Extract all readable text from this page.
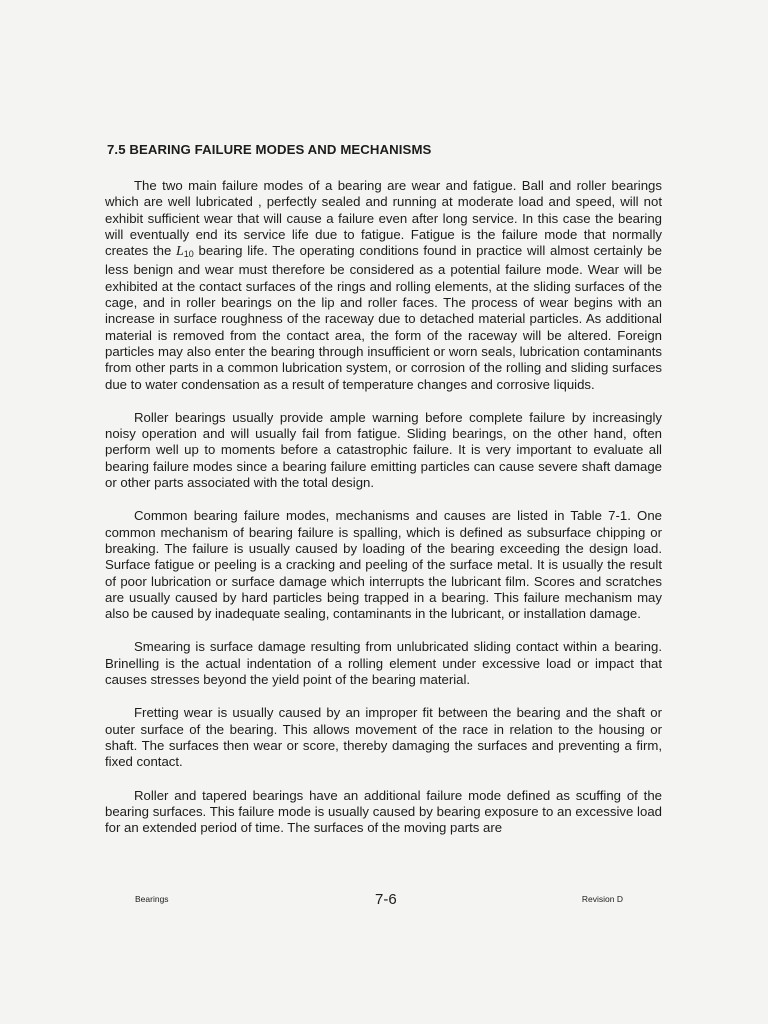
7.5 BEARING FAILURE MODES AND MECHANISMS

The two main failure modes of a bearing are wear and fatigue. Ball and roller bearings which are well lubricated , perfectly sealed and running at moderate load and speed, will not exhibit sufficient wear that will cause a failure even after long service. In this case the bearing will eventually end its service life due to fatigue. Fatigue is the failure mode that normally creates the $L_{10}$ bearing life. The operating conditions found in practice will almost certainly be less benign and wear must therefore be considered as a potential failure mode. Wear will be exhibited at the contact surfaces of the rings and rolling elements, at the sliding surfaces of the cage, and in roller bearings on the lip and roller faces. The process of wear begins with an increase in surface roughness of the raceway due to detached material particles. As additional material is removed from the contact area, the form of the raceway will be altered. Foreign particles may also enter the bearing through insufficient or worn seals, lubrication contaminants from other parts in a common lubrication system, or corrosion of the rolling and sliding surfaces due to water condensation as a result of temperature changes and corrosive liquids.

Roller bearings usually provide ample warning before complete failure by increasingly noisy operation and will usually fail from fatigue. Sliding bearings, on the other hand, often perform well up to moments before a catastrophic failure. It is very important to evaluate all bearing failure modes since a bearing failure emitting particles can cause severe shaft damage or other parts associated with the total design.

Common bearing failure modes, mechanisms and causes are listed in Table 7-1. One common mechanism of bearing failure is spalling, which is defined as subsurface chipping or breaking. The failure is usually caused by loading of the bearing exceeding the design load. Surface fatigue or peeling is a cracking and peeling of the surface metal. It is usually the result of poor lubrication or surface damage which interrupts the lubricant film. Scores and scratches are usually caused by hard particles being trapped in a bearing. This failure mechanism may also be caused by inadequate sealing, contaminants in the lubricant, or installation damage.

Smearing is surface damage resulting from unlubricated sliding contact within a bearing. Brinelling is the actual indentation of a rolling element under excessive load or impact that causes stresses beyond the yield point of the bearing material.

Fretting wear is usually caused by an improper fit between the bearing and the shaft or outer surface of the bearing. This allows movement of the race in relation to the housing or shaft. The surfaces then wear or score, thereby damaging the surfaces and preventing a firm, fixed contact.

Roller and tapered bearings have an additional failure mode defined as scuffing of the bearing surfaces. This failure mode is usually caused by bearing exposure to an excessive load for an extended period of time. The surfaces of the moving parts are

Bearings	7-6	Revision D
